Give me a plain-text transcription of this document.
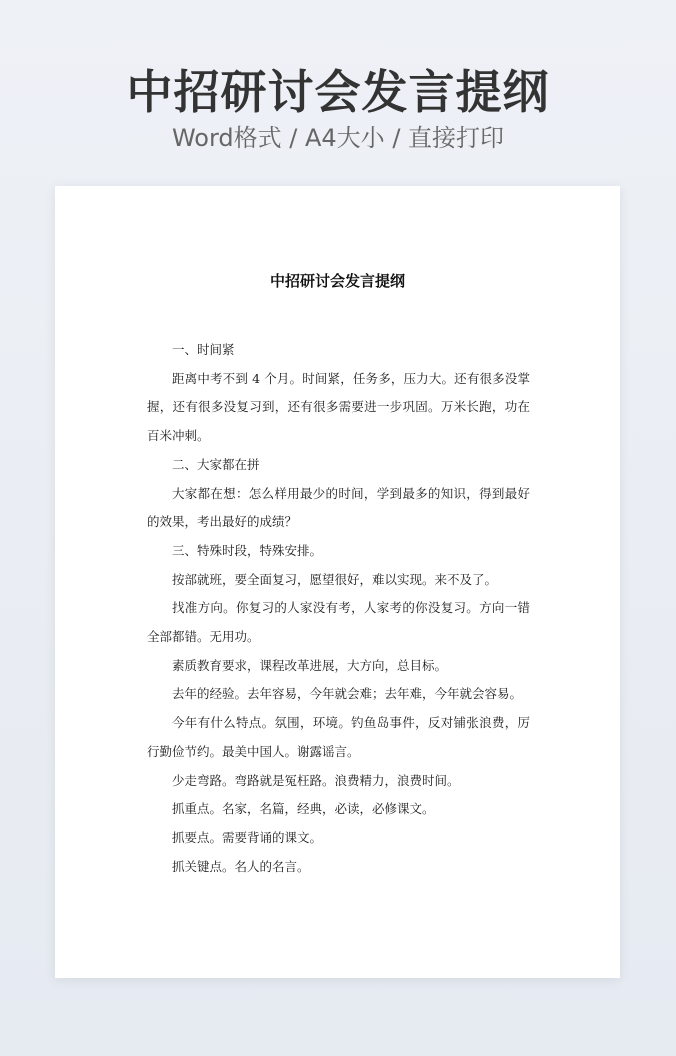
中招研讨会发言提纲
Word格式 / A4大小 / 直接打印
中招研讨会发言提纲

一、时间紧

距离中考不到 4 个月。时间紧，任务多，压力大。还有很多没掌握，还有很多没复习到，还有很多需要进一步巩固。万米长跑，功在百米冲刺。

二、大家都在拼

大家都在想：怎么样用最少的时间，学到最多的知识，得到最好的效果，考出最好的成绩？

三、特殊时段，特殊安排。

按部就班，要全面复习，愿望很好，难以实现。来不及了。

找准方向。你复习的人家没有考，人家考的你没复习。方向一错全部都错。无用功。

素质教育要求，课程改革进展，大方向，总目标。

去年的经验。去年容易，今年就会难；去年难，今年就会容易。

今年有什么特点。氛围，环境。钓鱼岛事件，反对铺张浪费，厉行勤俭节约。最美中国人。谢露谣言。

少走弯路。弯路就是冤枉路。浪费精力，浪费时间。

抓重点。名家，名篇，经典，必读，必修课文。

抓要点。需要背诵的课文。

抓关键点。名人的名言。
